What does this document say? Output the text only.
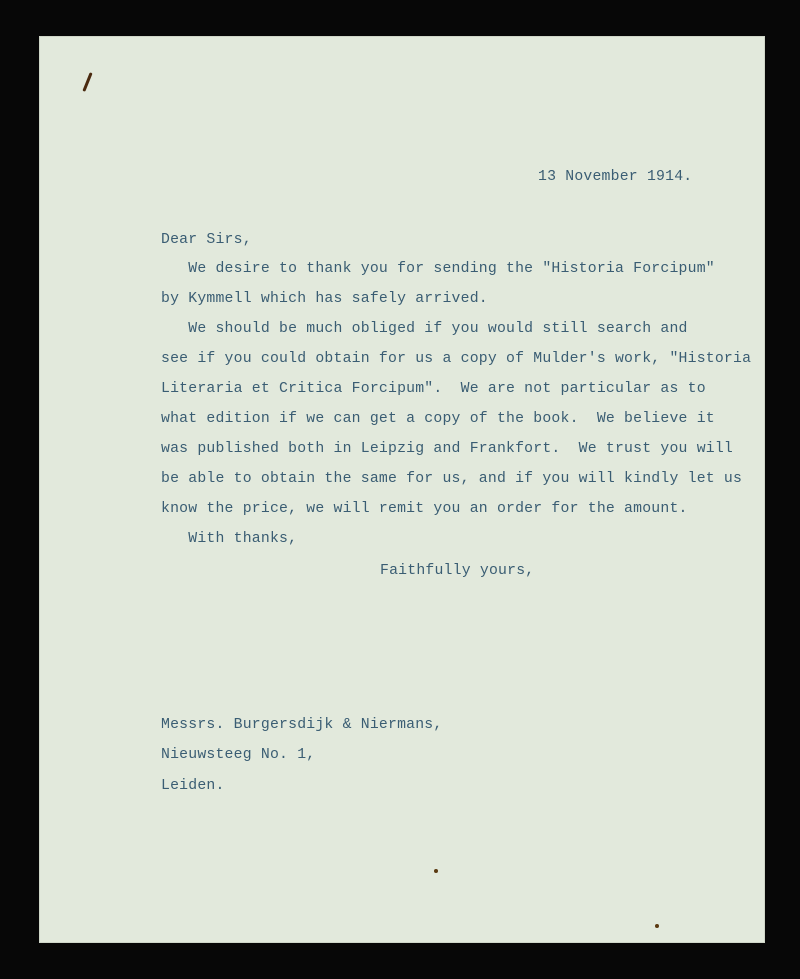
13 November 1914.
Dear Sirs,
We desire to thank you for sending the "Historia Forcipum"
by Kymmell which has safely arrived.
We should be much obliged if you would still search and
see if you could obtain for us a copy of Mulder's work, "Historia
Literaria et Critica Forcipum".  We are not particular as to
what edition if we can get a copy of the book.  We believe it
was published both in Leipzig and Frankfort.  We trust you will
be able to obtain the same for us, and if you will kindly let us
know the price, we will remit you an order for the amount.
With thanks,
Faithfully yours,
Messrs. Burgersdijk & Niermans,
Nieuwsteeg No. 1,
Leiden.
